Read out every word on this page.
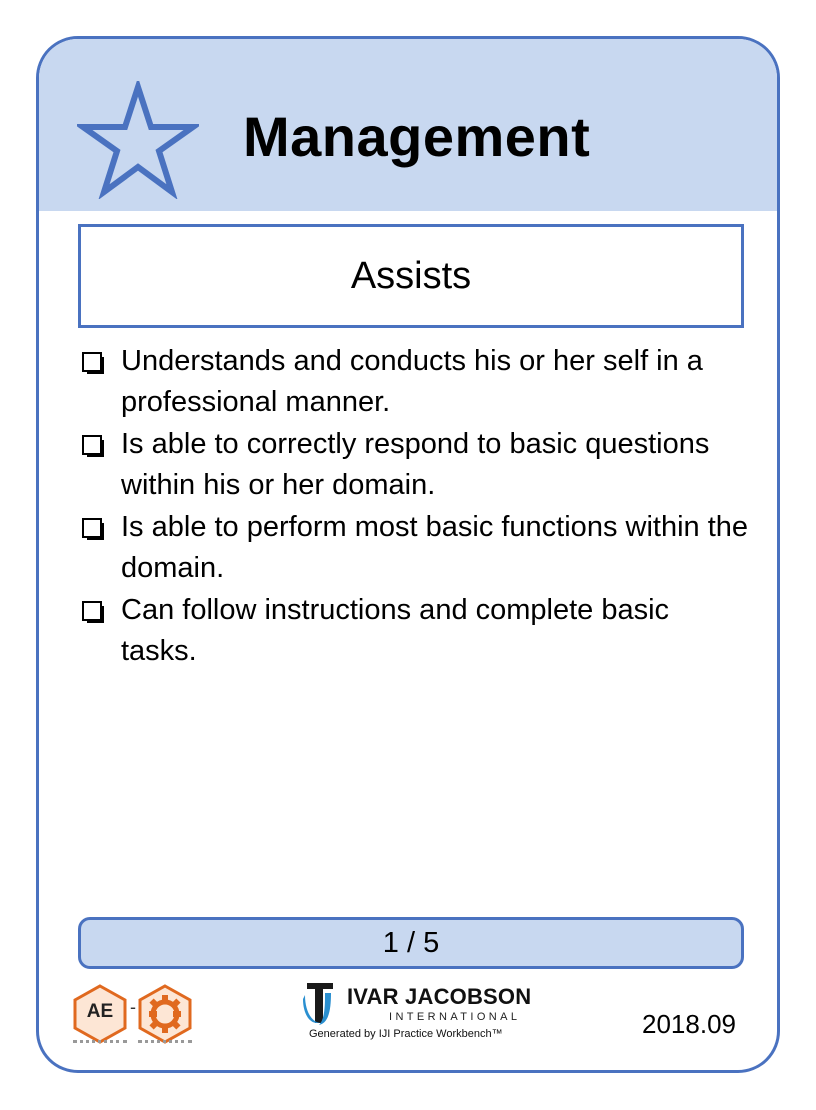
Management
Assists
Understands and conducts his or her self in a professional manner.
Is able to correctly respond to basic questions within his or her domain.
Is able to perform most basic functions within the domain.
Can follow instructions and complete basic tasks.
1 / 5
AE -	IVAR JACOBSON
INTERNATIONAL
Generated by IJI Practice Workbench™	2018.09
